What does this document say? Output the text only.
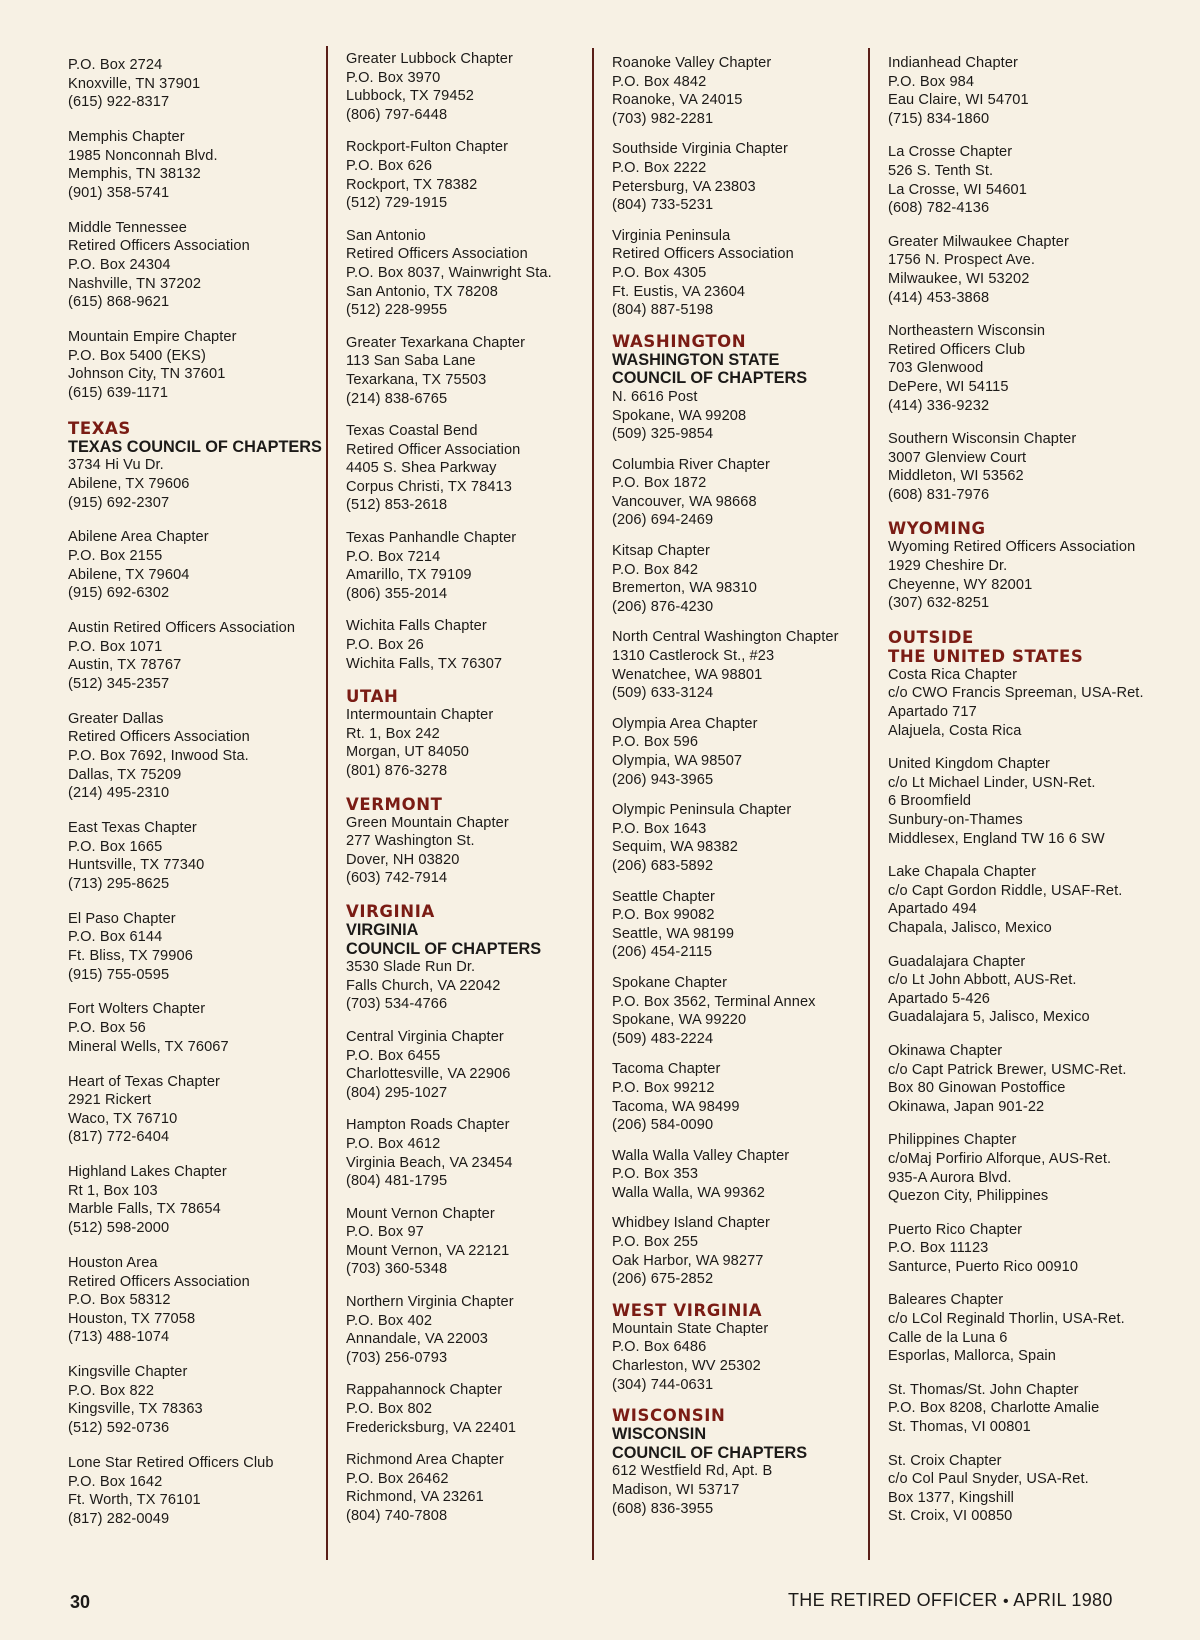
P.O. Box 2724
Knoxville, TN 37901
(615) 922-8317
Memphis Chapter
1985 Nonconnah Blvd.
Memphis, TN 38132
(901) 358-5741
Middle Tennessee
Retired Officers Association
P.O. Box 24304
Nashville, TN 37202
(615) 868-9621
Mountain Empire Chapter
P.O. Box 5400 (EKS)
Johnson City, TN 37601
(615) 639-1171
TEXAS
TEXAS COUNCIL OF CHAPTERS
3734 Hi Vu Dr.
Abilene, TX 79606
(915) 692-2307
Abilene Area Chapter
P.O. Box 2155
Abilene, TX 79604
(915) 692-6302
Austin Retired Officers Association
P.O. Box 1071
Austin, TX 78767
(512) 345-2357
Greater Dallas
Retired Officers Association
P.O. Box 7692, Inwood Sta.
Dallas, TX 75209
(214) 495-2310
East Texas Chapter
P.O. Box 1665
Huntsville, TX 77340
(713) 295-8625
El Paso Chapter
P.O. Box 6144
Ft. Bliss, TX 79906
(915) 755-0595
Fort Wolters Chapter
P.O. Box 56
Mineral Wells, TX 76067
Heart of Texas Chapter
2921 Rickert
Waco, TX 76710
(817) 772-6404
Highland Lakes Chapter
Rt 1, Box 103
Marble Falls, TX 78654
(512) 598-2000
Houston Area
Retired Officers Association
P.O. Box 58312
Houston, TX 77058
(713) 488-1074
Kingsville Chapter
P.O. Box 822
Kingsville, TX 78363
(512) 592-0736
Lone Star Retired Officers Club
P.O. Box 1642
Ft. Worth, TX 76101
(817) 282-0049
Greater Lubbock Chapter
P.O. Box 3970
Lubbock, TX 79452
(806) 797-6448
Rockport-Fulton Chapter
P.O. Box 626
Rockport, TX 78382
(512) 729-1915
San Antonio
Retired Officers Association
P.O. Box 8037, Wainwright Sta.
San Antonio, TX 78208
(512) 228-9955
Greater Texarkana Chapter
113 San Saba Lane
Texarkana, TX 75503
(214) 838-6765
Texas Coastal Bend
Retired Officer Association
4405 S. Shea Parkway
Corpus Christi, TX 78413
(512) 853-2618
Texas Panhandle Chapter
P.O. Box 7214
Amarillo, TX 79109
(806) 355-2014
Wichita Falls Chapter
P.O. Box 26
Wichita Falls, TX 76307
UTAH
Intermountain Chapter
Rt. 1, Box 242
Morgan, UT 84050
(801) 876-3278
VERMONT
Green Mountain Chapter
277 Washington St.
Dover, NH 03820
(603) 742-7914
VIRGINIA
VIRGINIA
COUNCIL OF CHAPTERS
3530 Slade Run Dr.
Falls Church, VA 22042
(703) 534-4766
Central Virginia Chapter
P.O. Box 6455
Charlottesville, VA 22906
(804) 295-1027
Hampton Roads Chapter
P.O. Box 4612
Virginia Beach, VA 23454
(804) 481-1795
Mount Vernon Chapter
P.O. Box 97
Mount Vernon, VA 22121
(703) 360-5348
Northern Virginia Chapter
P.O. Box 402
Annandale, VA 22003
(703) 256-0793
Rappahannock Chapter
P.O. Box 802
Fredericksburg, VA 22401
Richmond Area Chapter
P.O. Box 26462
Richmond, VA 23261
(804) 740-7808
Roanoke Valley Chapter
P.O. Box 4842
Roanoke, VA 24015
(703) 982-2281
Southside Virginia Chapter
P.O. Box 2222
Petersburg, VA 23803
(804) 733-5231
Virginia Peninsula
Retired Officers Association
P.O. Box 4305
Ft. Eustis, VA 23604
(804) 887-5198
WASHINGTON
WASHINGTON STATE
COUNCIL OF CHAPTERS
N. 6616 Post
Spokane, WA 99208
(509) 325-9854
Columbia River Chapter
P.O. Box 1872
Vancouver, WA 98668
(206) 694-2469
Kitsap Chapter
P.O. Box 842
Bremerton, WA 98310
(206) 876-4230
North Central Washington Chapter
1310 Castlerock St., #23
Wenatchee, WA 98801
(509) 633-3124
Olympia Area Chapter
P.O. Box 596
Olympia, WA 98507
(206) 943-3965
Olympic Peninsula Chapter
P.O. Box 1643
Sequim, WA 98382
(206) 683-5892
Seattle Chapter
P.O. Box 99082
Seattle, WA 98199
(206) 454-2115
Spokane Chapter
P.O. Box 3562, Terminal Annex
Spokane, WA 99220
(509) 483-2224
Tacoma Chapter
P.O. Box 99212
Tacoma, WA 98499
(206) 584-0090
Walla Walla Valley Chapter
P.O. Box 353
Walla Walla, WA 99362
Whidbey Island Chapter
P.O. Box 255
Oak Harbor, WA 98277
(206) 675-2852
WEST VIRGINIA
Mountain State Chapter
P.O. Box 6486
Charleston, WV 25302
(304) 744-0631
WISCONSIN
WISCONSIN
COUNCIL OF CHAPTERS
612 Westfield Rd, Apt. B
Madison, WI 53717
(608) 836-3955
Indianhead Chapter
P.O. Box 984
Eau Claire, WI 54701
(715) 834-1860
La Crosse Chapter
526 S. Tenth St.
La Crosse, WI 54601
(608) 782-4136
Greater Milwaukee Chapter
1756 N. Prospect Ave.
Milwaukee, WI 53202
(414) 453-3868
Northeastern Wisconsin
Retired Officers Club
703 Glenwood
DePere, WI 54115
(414) 336-9232
Southern Wisconsin Chapter
3007 Glenview Court
Middleton, WI 53562
(608) 831-7976
WYOMING
Wyoming Retired Officers Association
1929 Cheshire Dr.
Cheyenne, WY 82001
(307) 632-8251
OUTSIDE
THE UNITED STATES
Costa Rica Chapter
c/o CWO Francis Spreeman, USA-Ret.
Apartado 717
Alajuela, Costa Rica
United Kingdom Chapter
c/o Lt Michael Linder, USN-Ret.
6 Broomfield
Sunbury-on-Thames
Middlesex, England TW 16 6 SW
Lake Chapala Chapter
c/o Capt Gordon Riddle, USAF-Ret.
Apartado 494
Chapala, Jalisco, Mexico
Guadalajara Chapter
c/o Lt John Abbott, AUS-Ret.
Apartado 5-426
Guadalajara 5, Jalisco, Mexico
Okinawa Chapter
c/o Capt Patrick Brewer, USMC-Ret.
Box 80 Ginowan Postoffice
Okinawa, Japan 901-22
Philippines Chapter
c/oMaj Porfirio Alforque, AUS-Ret.
935-A Aurora Blvd.
Quezon City, Philippines
Puerto Rico Chapter
P.O. Box 11123
Santurce, Puerto Rico 00910
Baleares Chapter
c/o LCol Reginald Thorlin, USA-Ret.
Calle de la Luna 6
Esporlas, Mallorca, Spain
St. Thomas/St. John Chapter
P.O. Box 8208, Charlotte Amalie
St. Thomas, VI 00801
St. Croix Chapter
c/o Col Paul Snyder, USA-Ret.
Box 1377, Kingshill
St. Croix, VI 00850
30	THE RETIRED OFFICER • APRIL 1980
